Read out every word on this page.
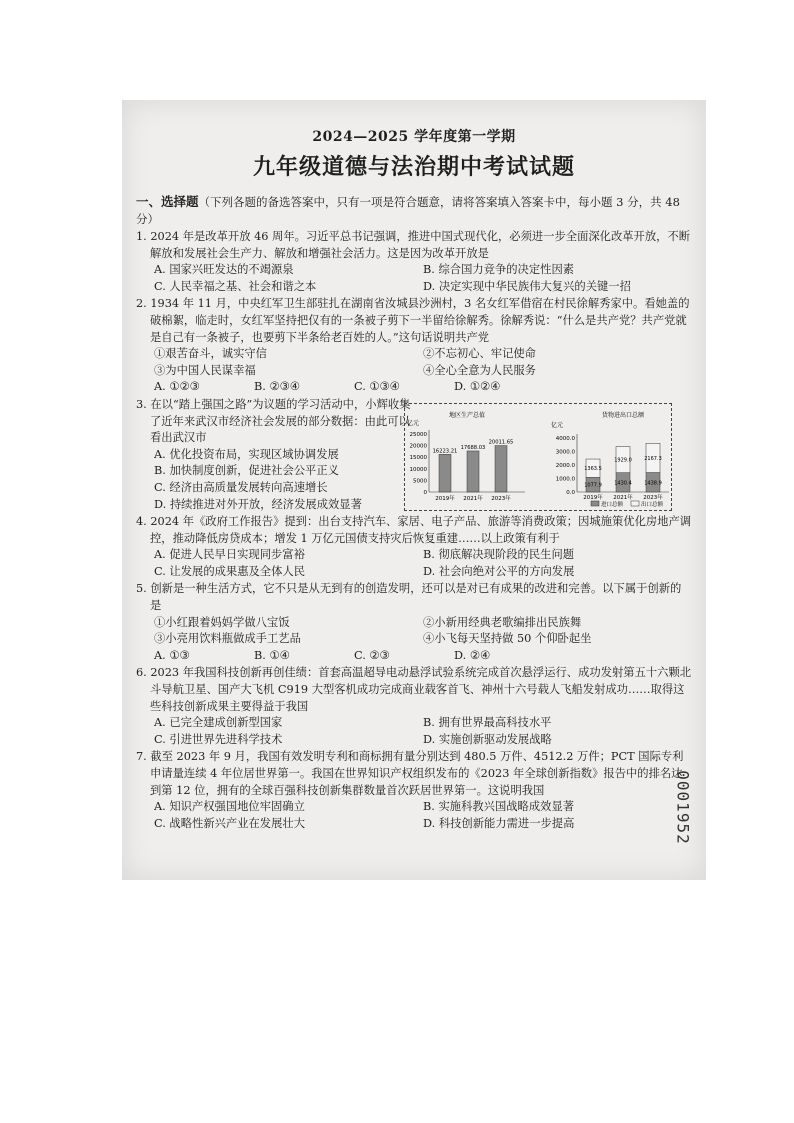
2024—2025 学年度第一学期
九年级道德与法治期中考试试题
一、选择题（下列各题的备选答案中，只有一项是符合题意，请将答案填入答案卡中，每小题 3 分，共 48 分）
1. 2024 年是改革开放 46 周年。习近平总书记强调，推进中国式现代化，必须进一步全面深化改革开放，不断解放和发展社会生产力、解放和增强社会活力。这是因为改革开放是
A. 国家兴旺发达的不竭源泉	B. 综合国力竞争的决定性因素
C. 人民幸福之基、社会和谐之本	D. 决定实现中华民族伟大复兴的关键一招
2. 1934 年 11 月，中央红军卫生部驻扎在湖南省汝城县沙洲村，3 名女红军借宿在村民徐解秀家中。看她盖的破棉絮，临走时，女红军坚持把仅有的一条被子剪下一半留给徐解秀。徐解秀说：“什么是共产党？共产党就是自己有一条被子，也要剪下半条给老百姓的人。”这句话说明共产党
①艰苦奋斗，诚实守信	②不忘初心、牢记使命
③为中国人民谋幸福	④全心全意为人民服务
A. ①②③	B. ②③④	C. ①③④	D. ①②④
3. 在以“踏上强国之路”为议题的学习活动中，小辉收集了近年来武汉市经济社会发展的部分数据：由此可以看出武汉市
A. 优化投资布局，实现区域协调发展
B. 加快制度创新，促进社会公平正义
C. 经济由高质量发展转向高速增长
D. 持续推进对外开放，经济发展成效显著
地区生产总值
亿元
25000
20000
15000
10000
5000
0
16223.21
2019年
17688.03
2021年
20011.65
2023年
货物进出口总额
亿元
4000.0
3000.0
2000.0
1000.0
0.0
1077.9
1363.5
2019年
1430.4
1929.0
2021年
1438.9
2167.3
2023年
进口总额	出口总额
4. 2024 年《政府工作报告》提到：出台支持汽车、家居、电子产品、旅游等消费政策；因城施策优化房地产调控，推动降低房贷成本；增发 1 万亿元国债支持灾后恢复重建……以上政策有利于
A. 促进人民早日实现同步富裕	B. 彻底解决现阶段的民生问题
C. 让发展的成果惠及全体人民	D. 社会向绝对公平的方向发展
5. 创新是一种生活方式，它不只是从无到有的创造发明，还可以是对已有成果的改进和完善。以下属于创新的是
①小红跟着妈妈学做八宝饭	②小新用经典老歌编排出民族舞
③小亮用饮料瓶做成手工艺品	④小飞每天坚持做 50 个仰卧起坐
A. ①③	B. ①④	C. ②③	D. ②④
6. 2023 年我国科技创新再创佳绩：首套高温超导电动悬浮试验系统完成首次悬浮运行、成功发射第五十六颗北斗导航卫星、国产大飞机 C919 大型客机成功完成商业载客首飞、神州十六号载人飞船发射成功……取得这些科技创新成果主要得益于我国
A. 已完全建成创新型国家	B. 拥有世界最高科技水平
C. 引进世界先进科学技术	D. 实施创新驱动发展战略
7. 截至 2023 年 9 月，我国有效发明专利和商标拥有量分别达到 480.5 万件、4512.2 万件；PCT 国际专利申请量连续 4 年位居世界第一。我国在世界知识产权组织发布的《2023 年全球创新指数》报告中的排名达到第 12 位，拥有的全球百强科技创新集群数量首次跃居世界第一。这说明我国
A. 知识产权强国地位牢固确立	B. 实施科教兴国战略成效显著
C. 战略性新兴产业在发展壮大	D. 科技创新能力需进一步提高	0001952
